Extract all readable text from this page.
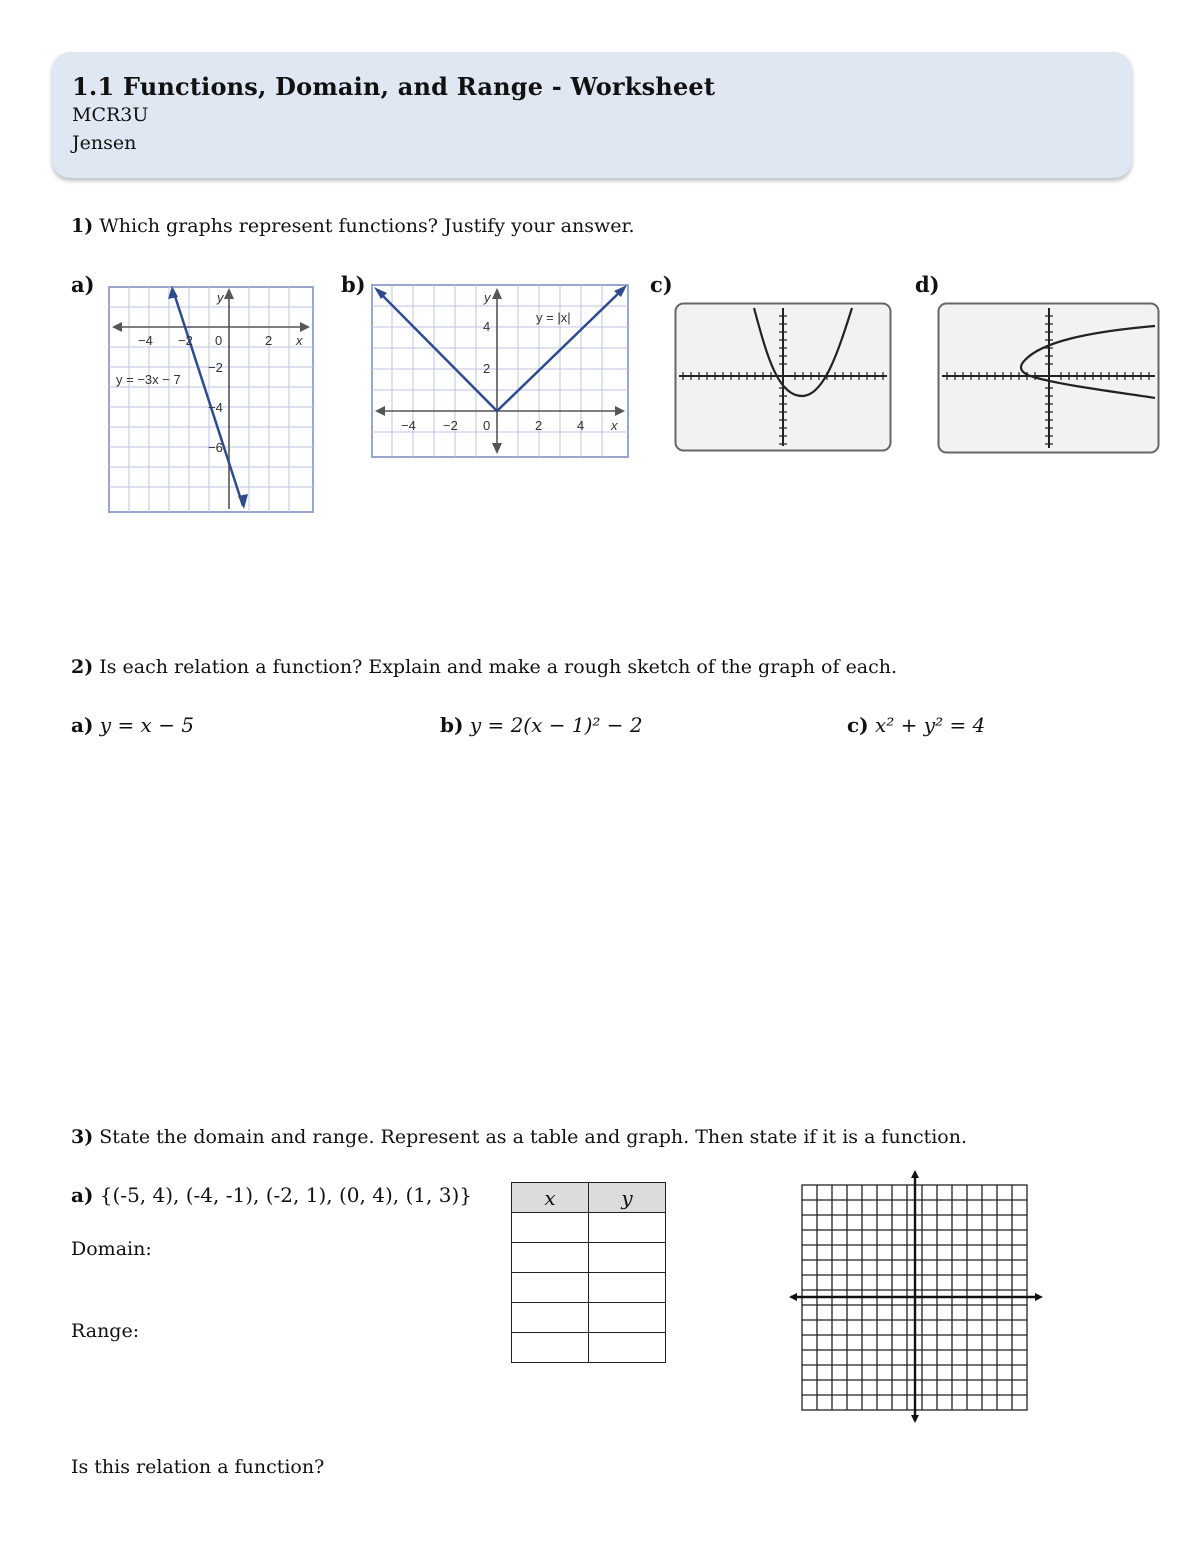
1.1 Functions, Domain, and Range - Worksheet
MCR3U
Jensen
1) Which graphs represent functions? Justify your answer.
a)	b)	c)	d)
−4 −2 0	2 x
y
−2
−4
−6
y = −3x − 7
−4 −2 0	2	4 x
y
4
2
y = |x|
2) Is each relation a function? Explain and make a rough sketch of the graph of each.
a) y = x − 5	b) y = 2(x − 1)² − 2	c) x² + y² = 4
3) State the domain and range. Represent as a table and graph. Then state if it is a function.
a) {(-5, 4), (-4, -1), (-2, 1), (0, 4), (1, 3)}
Domain:
Range:
x	y

Is this relation a function?
